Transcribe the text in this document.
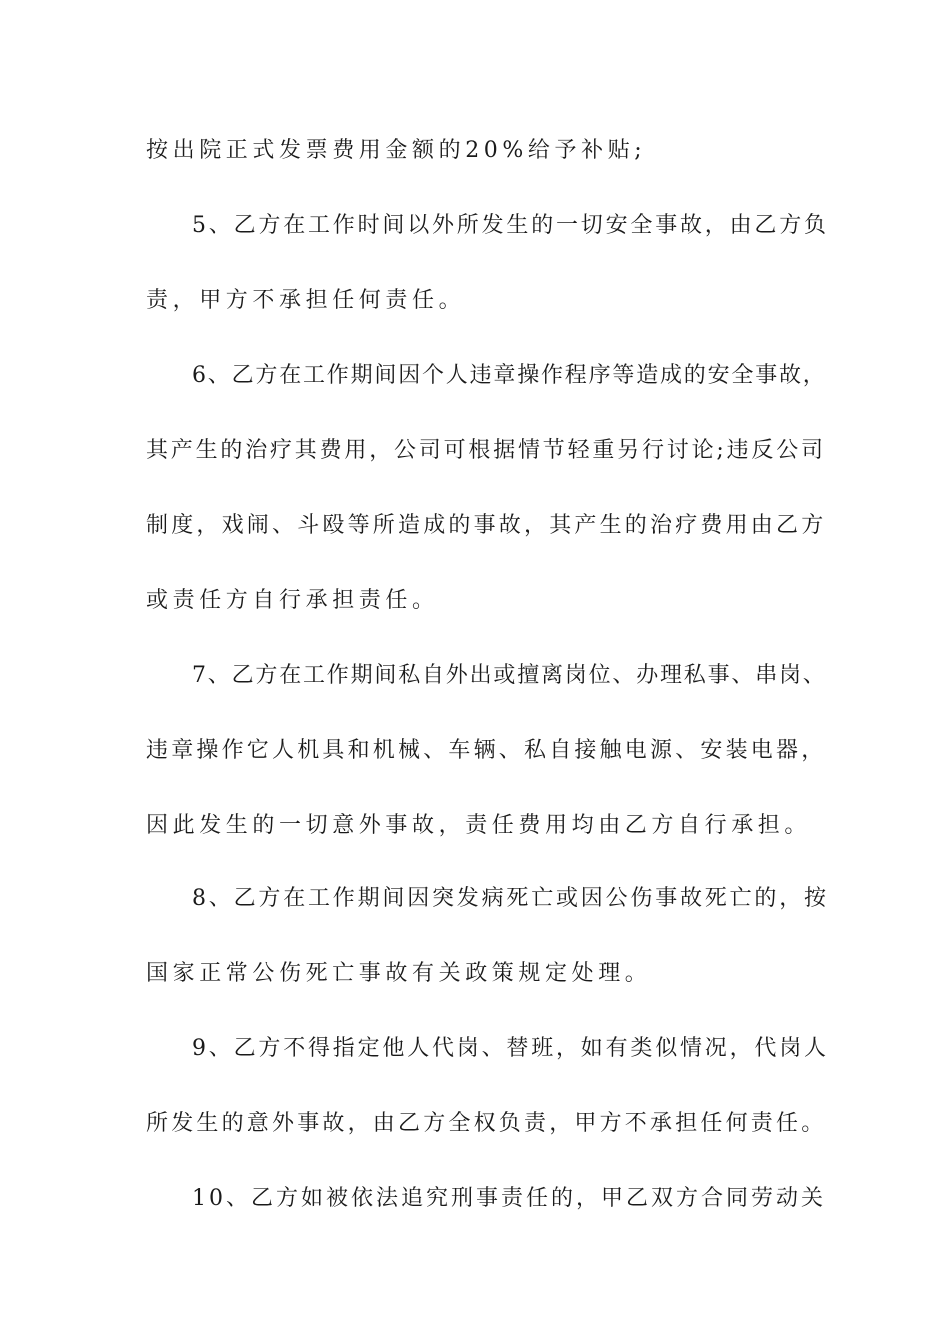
按出院正式发票费用金额的20%给予补贴;
5、乙方在工作时间以外所发生的一切安全事故，由乙方负
责，甲方不承担任何责任。
6、乙方在工作期间因个人违章操作程序等造成的安全事故，
其产生的治疗其费用，公司可根据情节轻重另行讨论;违反公司
制度，戏闹、斗殴等所造成的事故，其产生的治疗费用由乙方
或责任方自行承担责任。
7、乙方在工作期间私自外出或擅离岗位、办理私事、串岗、
违章操作它人机具和机械、车辆、私自接触电源、安装电器，
因此发生的一切意外事故，责任费用均由乙方自行承担。
8、乙方在工作期间因突发病死亡或因公伤事故死亡的，按
国家正常公伤死亡事故有关政策规定处理。
9、乙方不得指定他人代岗、替班，如有类似情况，代岗人
所发生的意外事故，由乙方全权负责，甲方不承担任何责任。
10、乙方如被依法追究刑事责任的，甲乙双方合同劳动关
